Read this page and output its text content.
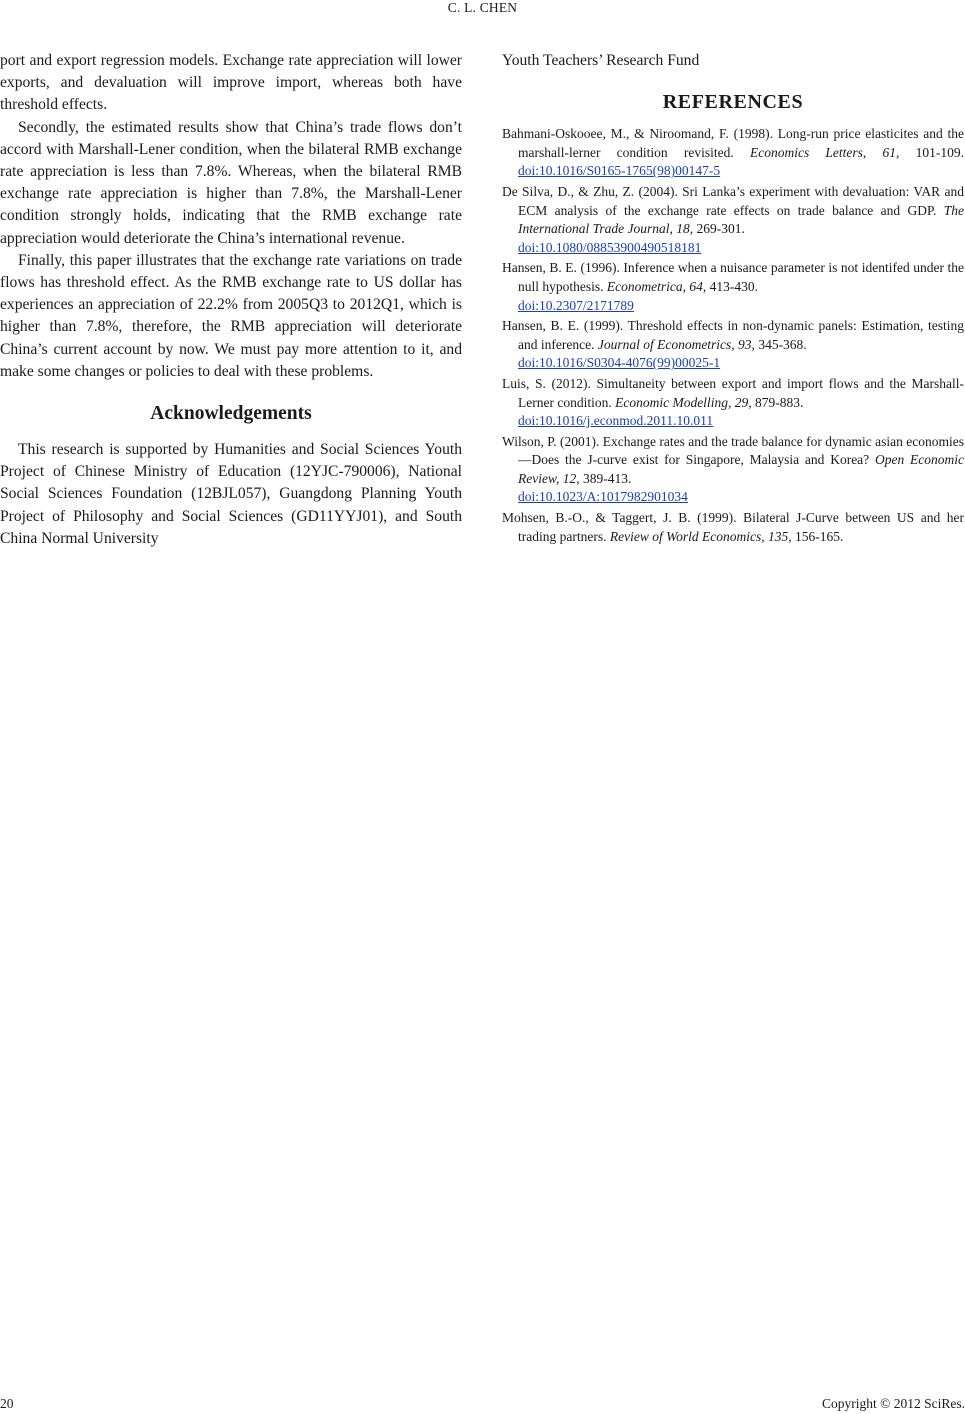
C. L. CHEN

port and export regression models. Exchange rate appreciation will lower exports, and devaluation will improve import, whereas both have threshold effects.

Secondly, the estimated results show that China’s trade flows don’t accord with Marshall-Lener condition, when the bilateral RMB exchange rate appreciation is less than 7.8%. Whereas, when the bilateral RMB exchange rate appreciation is higher than 7.8%, the Marshall-Lener condition strongly holds, indicating that the RMB exchange rate appreciation would deteriorate the China’s international revenue.

Finally, this paper illustrates that the exchange rate variations on trade flows has threshold effect. As the RMB exchange rate to US dollar has experiences an appreciation of 22.2% from 2005Q3 to 2012Q1, which is higher than 7.8%, therefore, the RMB appreciation will deteriorate China’s current account by now. We must pay more attention to it, and make some changes or policies to deal with these problems.

Acknowledgements

This research is supported by Humanities and Social Sciences Youth Project of Chinese Ministry of Education (12YJC-790006), National Social Sciences Foundation (12BJL057), Guangdong Planning Youth Project of Philosophy and Social Sciences (GD11YYJ01), and South China Normal University

Youth Teachers’ Research Fund

REFERENCES
Bahmani-Oskooee, M., & Niroomand, F. (1998). Long-run price elasticites and the marshall-lerner condition revisited. Economics Letters, 61, 101-109. doi:10.1016/S0165-1765(98)00147-5
De Silva, D., & Zhu, Z. (2004). Sri Lanka’s experiment with devaluation: VAR and ECM analysis of the exchange rate effects on trade balance and GDP. The International Trade Journal, 18, 269-301.
doi:10.1080/08853900490518181
Hansen, B. E. (1996). Inference when a nuisance parameter is not identifed under the null hypothesis. Econometrica, 64, 413-430.
doi:10.2307/2171789
Hansen, B. E. (1999). Threshold effects in non-dynamic panels: Estimation, testing and inference. Journal of Econometrics, 93, 345-368.
doi:10.1016/S0304-4076(99)00025-1
Luis, S. (2012). Simultaneity between export and import flows and the Marshall-Lerner condition. Economic Modelling, 29, 879-883.
doi:10.1016/j.econmod.2011.10.011
Wilson, P. (2001). Exchange rates and the trade balance for dynamic asian economies—Does the J-curve exist for Singapore, Malaysia and Korea? Open Economic Review, 12, 389-413.
doi:10.1023/A:1017982901034
Mohsen, B.-O., & Taggert, J. B. (1999). Bilateral J-Curve between US and her trading partners. Review of World Economics, 135, 156-165.
20	Copyright © 2012 SciRes.
